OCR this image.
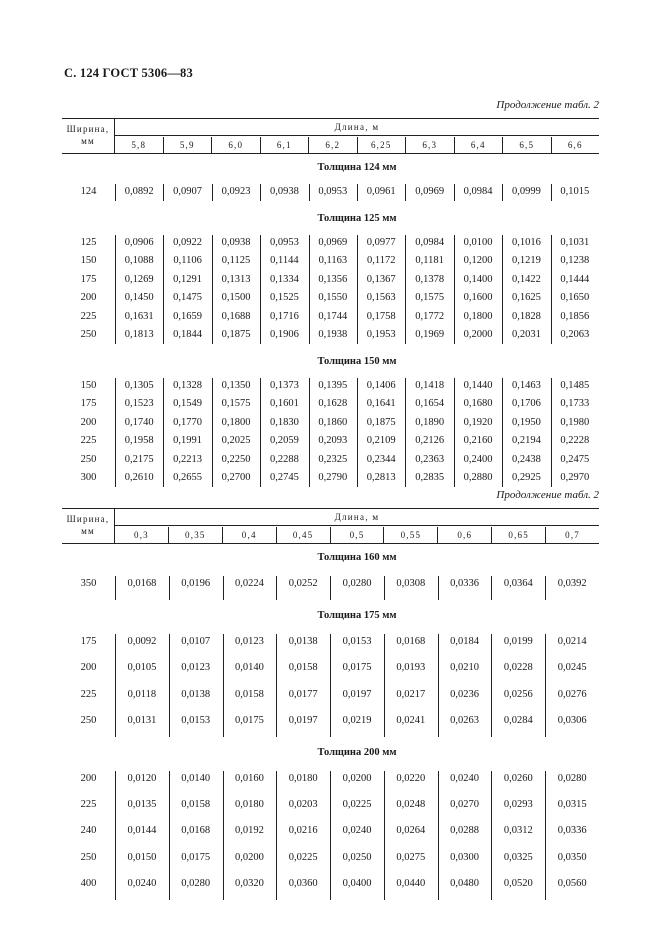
С. 124 ГОСТ 5306—83
Продолжение табл. 2
Ширина,
мм
Длина, м
5,8	5,9	6,0	6,1	6,2	6,25	6,3	6,4	6,5	6,6
Толщина 124 мм
124	0,0892	0,0907	0,0923	0,0938	0,0953	0,0961	0,0969	0,0984	0,0999	0,1015
Толщина 125 мм
125	0,0906	0,0922	0,0938	0,0953	0,0969	0,0977	0,0984	0,0100	0,1016	0,1031
150	0,1088	0,1106	0,1125	0,1144	0,1163	0,1172	0,1181	0,1200	0,1219	0,1238
175	0,1269	0,1291	0,1313	0,1334	0,1356	0,1367	0,1378	0,1400	0,1422	0,1444
200	0,1450	0,1475	0,1500	0,1525	0,1550	0,1563	0,1575	0,1600	0,1625	0,1650
225	0,1631	0,1659	0,1688	0,1716	0,1744	0,1758	0,1772	0,1800	0,1828	0,1856
250	0,1813	0,1844	0,1875	0,1906	0,1938	0,1953	0,1969	0,2000	0,2031	0,2063
Толщина 150 мм
150	0,1305	0,1328	0,1350	0,1373	0,1395	0,1406	0,1418	0,1440	0,1463	0,1485
175	0,1523	0,1549	0,1575	0,1601	0,1628	0,1641	0,1654	0,1680	0,1706	0,1733
200	0,1740	0,1770	0,1800	0,1830	0,1860	0,1875	0,1890	0,1920	0,1950	0,1980
225	0,1958	0,1991	0,2025	0,2059	0,2093	0,2109	0,2126	0,2160	0,2194	0,2228
250	0,2175	0,2213	0,2250	0,2288	0,2325	0,2344	0,2363	0,2400	0,2438	0,2475
300	0,2610	0,2655	0,2700	0,2745	0,2790	0,2813	0,2835	0,2880	0,2925	0,2970
Продолжение табл. 2
Ширина,
мм
Длина, м
0,3	0,35	0,4	0,45	0,5	0,55	0,6	0,65	0,7
Толщина 160 мм
350	0,0168	0,0196	0,0224	0,0252	0,0280	0,0308	0,0336	0,0364	0,0392
Толщина 175 мм
175	0,0092	0,0107	0,0123	0,0138	0,0153	0,0168	0,0184	0,0199	0,0214
200	0,0105	0,0123	0,0140	0,0158	0,0175	0,0193	0,0210	0,0228	0,0245
225	0,0118	0,0138	0,0158	0,0177	0,0197	0,0217	0,0236	0,0256	0,0276
250	0,0131	0,0153	0,0175	0,0197	0,0219	0,0241	0,0263	0,0284	0,0306
Толщина 200 мм
200	0,0120	0,0140	0,0160	0,0180	0,0200	0,0220	0,0240	0,0260	0,0280
225	0,0135	0,0158	0,0180	0,0203	0,0225	0,0248	0,0270	0,0293	0,0315
240	0,0144	0,0168	0,0192	0,0216	0,0240	0,0264	0,0288	0,0312	0,0336
250	0,0150	0,0175	0,0200	0,0225	0,0250	0,0275	0,0300	0,0325	0,0350
400	0,0240	0,0280	0,0320	0,0360	0,0400	0,0440	0,0480	0,0520	0,0560
